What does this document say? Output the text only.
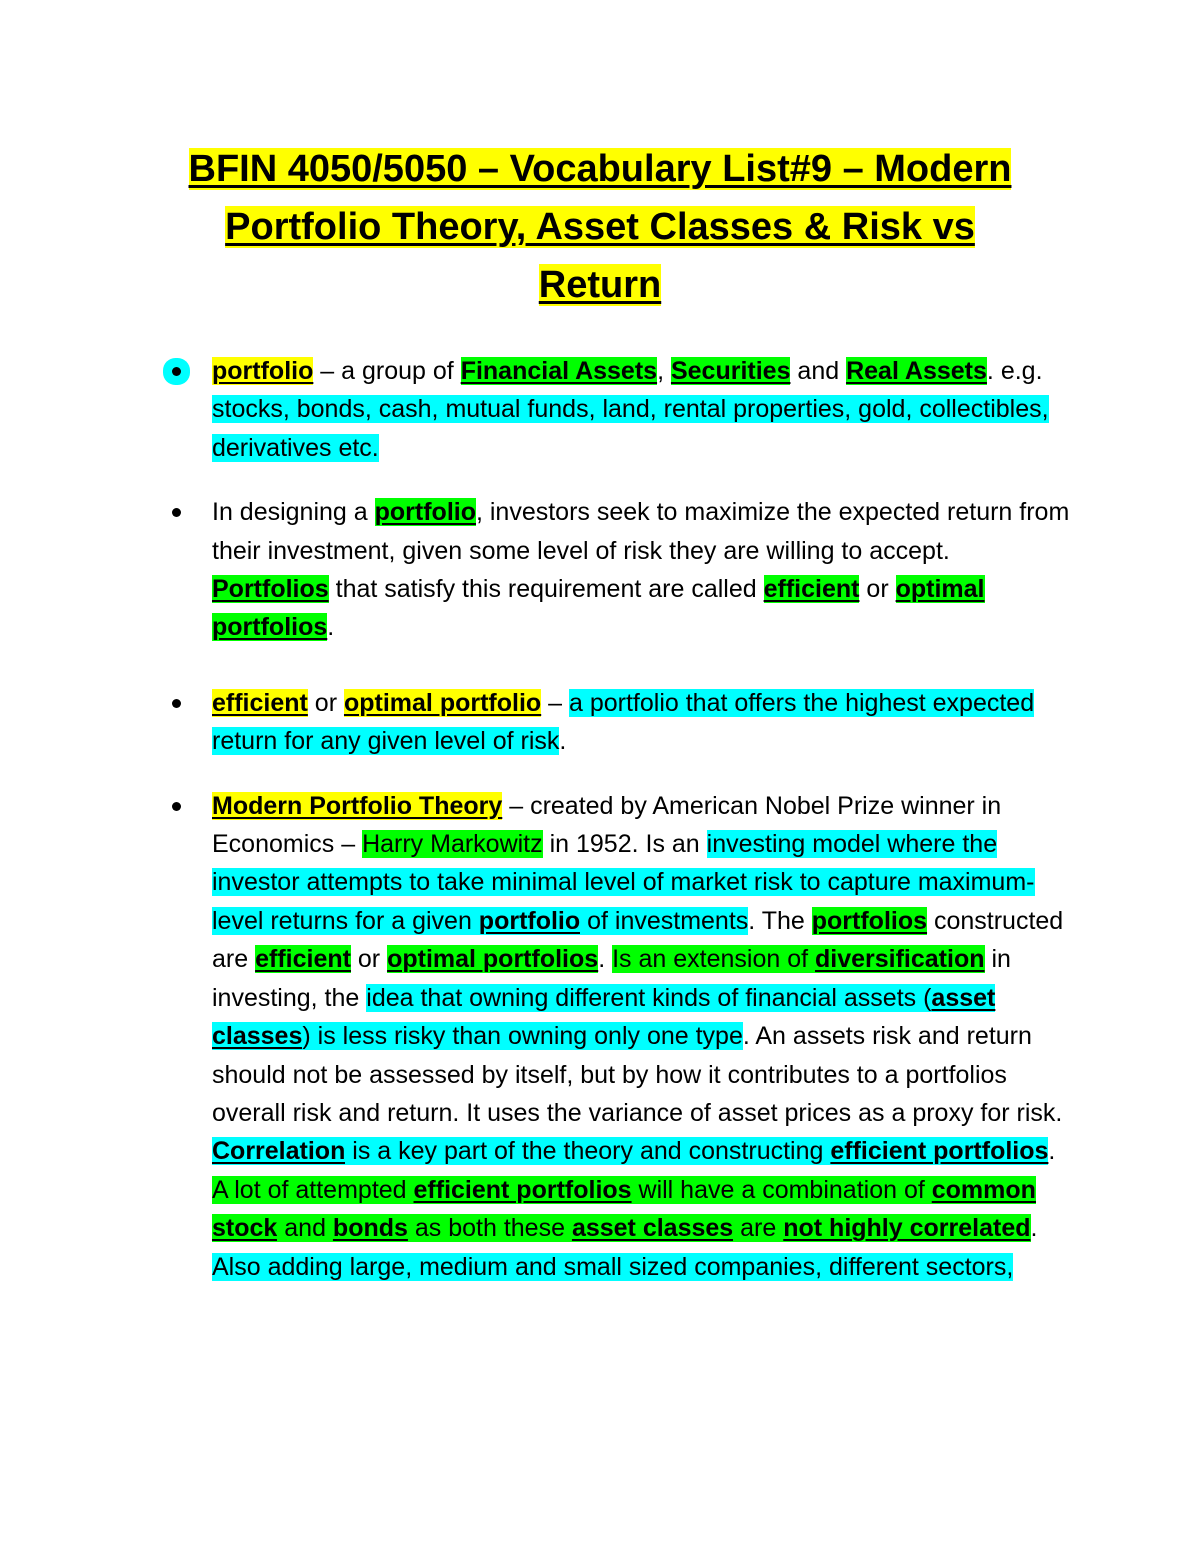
BFIN 4050/5050 – Vocabulary List#9 – Modern
Portfolio Theory, Asset Classes & Risk vs
Return
portfolio – a group of Financial Assets, Securities and Real Assets. e.g. stocks, bonds, cash, mutual funds, land, rental properties, gold, collectibles, derivatives etc.
In designing a portfolio, investors seek to maximize the expected return from their investment, given some level of risk they are willing to accept. Portfolios that satisfy this requirement are called efficient or optimal portfolios.
efficient or optimal portfolio – a portfolio that offers the highest expected return for any given level of risk.
Modern Portfolio Theory – created by American Nobel Prize winner in Economics – Harry Markowitz in 1952. Is an investing model where the investor attempts to take minimal level of market risk to capture maximum-level returns for a given portfolio of investments. The portfolios constructed are efficient or optimal portfolios. Is an extension of diversification in investing, the idea that owning different kinds of financial assets (asset classes) is less risky than owning only one type. An assets risk and return should not be assessed by itself, but by how it contributes to a portfolios overall risk and return. It uses the variance of asset prices as a proxy for risk. Correlation is a key part of the theory and constructing efficient portfolios. A lot of attempted efficient portfolios will have a combination of common stock and bonds as both these asset classes are not highly correlated. Also adding large, medium and small sized companies, different sectors,
